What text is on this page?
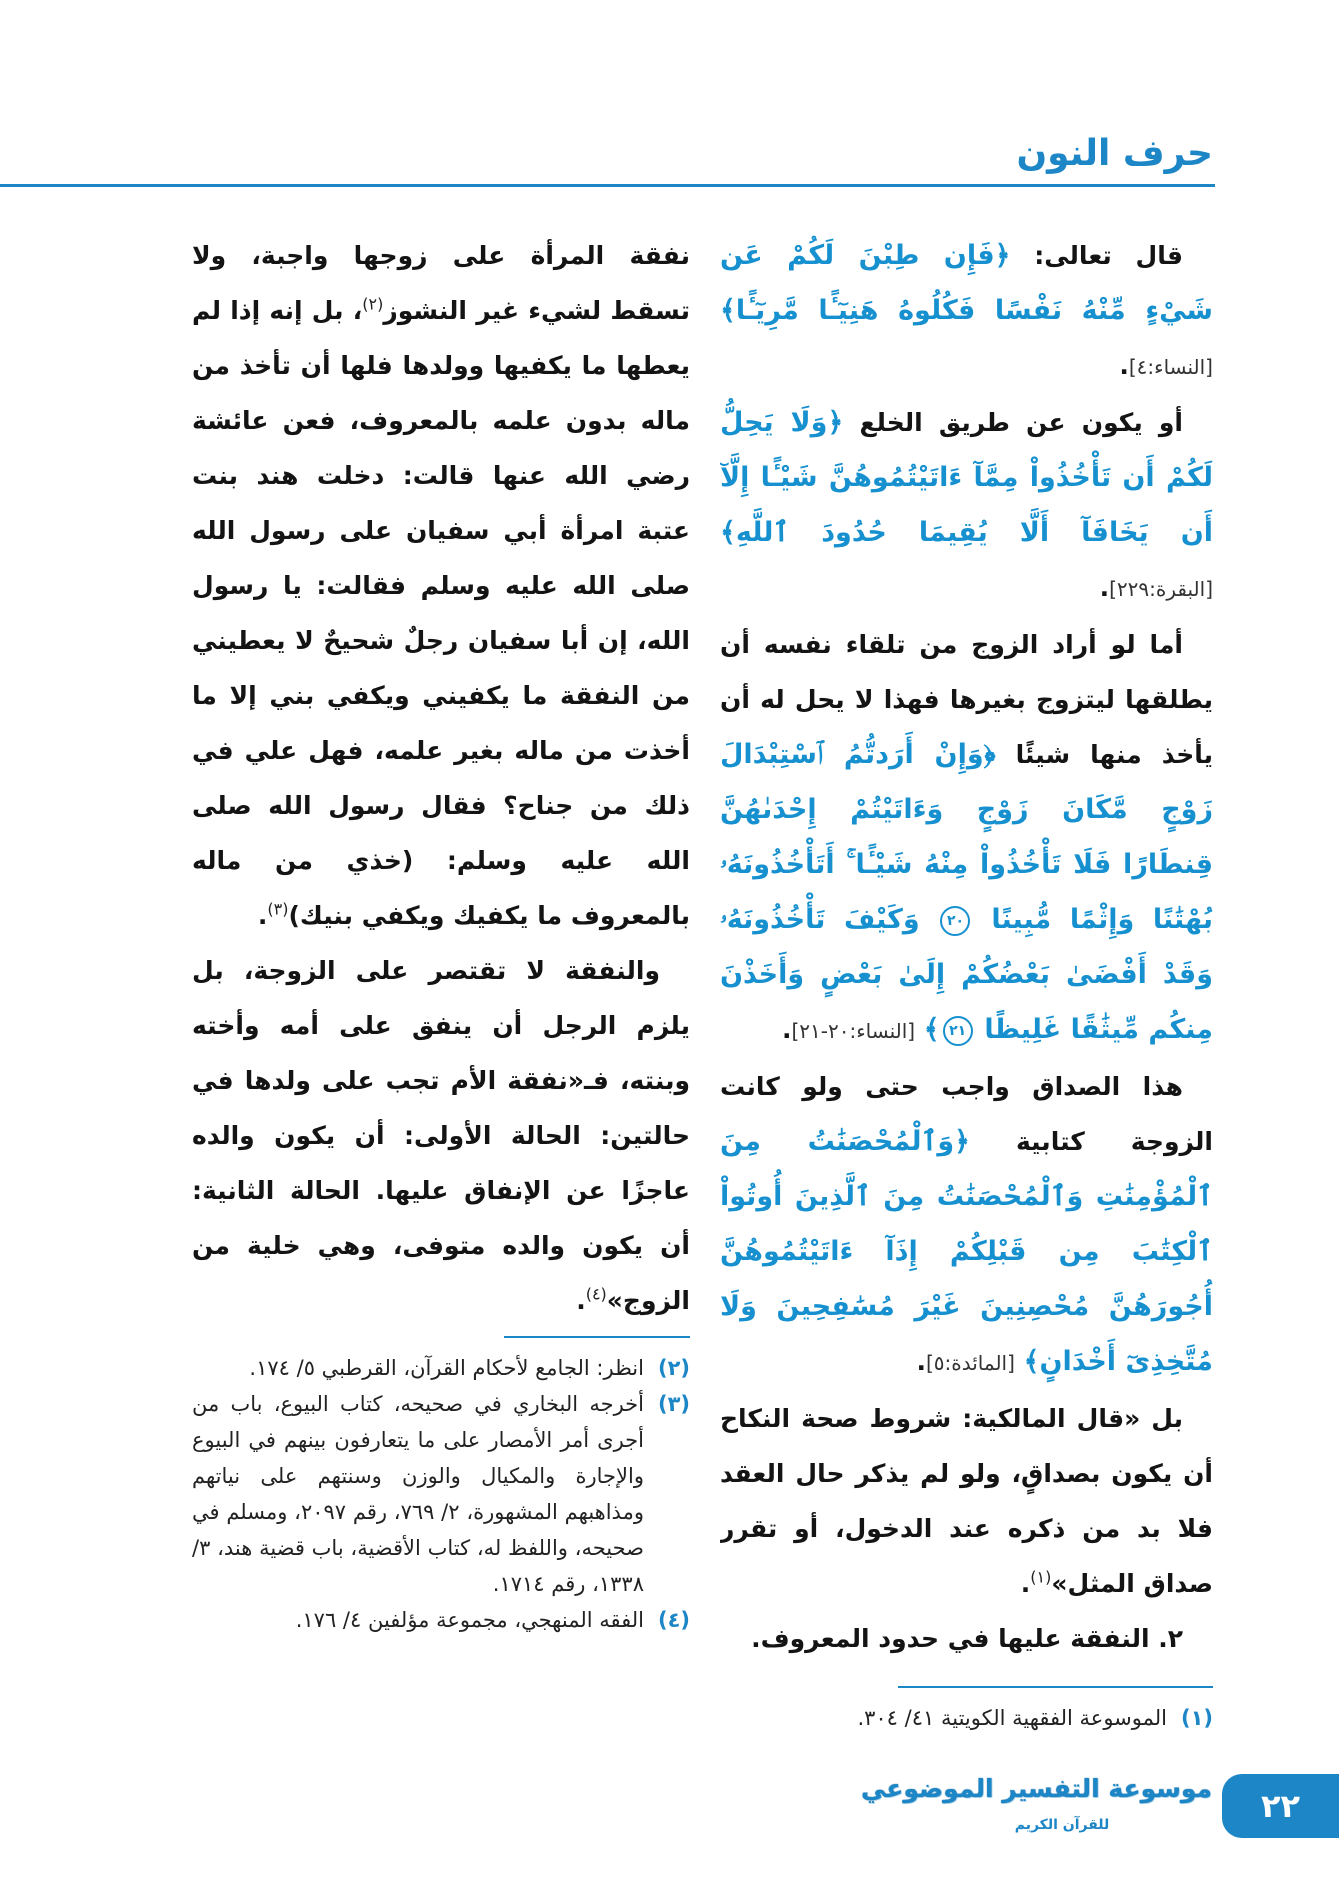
حرف النون

قال تعالى: ﴿فَإِن طِبْنَ لَكُمْ عَن شَيْءٍ مِّنْهُ نَفْسًا فَكُلُوهُ هَنِيٓـًٔا مَّرِيٓـًٔا﴾ [النساء:٤].

أو يكون عن طريق الخلع ﴿وَلَا يَحِلُّ لَكُمْ أَن تَأْخُذُواْ مِمَّآ ءَاتَيْتُمُوهُنَّ شَيْـًٔا إِلَّآ أَن يَخَافَآ أَلَّا يُقِيمَا حُدُودَ ٱللَّهِ﴾ [البقرة:٢٢٩].

أما لو أراد الزوج من تلقاء نفسه أن يطلقها ليتزوج بغيرها فهذا لا يحل له أن يأخذ منها شيئًا ﴿وَإِنْ أَرَدتُّمُ ٱسْتِبْدَالَ زَوْجٍ مَّكَانَ زَوْجٍ وَءَاتَيْتُمْ إِحْدَىٰهُنَّ قِنطَارًا فَلَا تَأْخُذُواْ مِنْهُ شَيْـًٔا ۚ أَتَأْخُذُونَهُۥ بُهْتَٰنًا وَإِثْمًا مُّبِينًا ٢٠ وَكَيْفَ تَأْخُذُونَهُۥ وَقَدْ أَفْضَىٰ بَعْضُكُمْ إِلَىٰ بَعْضٍ وَأَخَذْنَ مِنكُم مِّيثَٰقًا غَلِيظًا ٢١﴾ [النساء:٢٠-٢١].

هذا الصداق واجب حتى ولو كانت الزوجة كتابية ﴿وَٱلْمُحْصَنَٰتُ مِنَ ٱلْمُؤْمِنَٰتِ وَٱلْمُحْصَنَٰتُ مِنَ ٱلَّذِينَ أُوتُواْ ٱلْكِتَٰبَ مِن قَبْلِكُمْ إِذَآ ءَاتَيْتُمُوهُنَّ أُجُورَهُنَّ مُحْصِنِينَ غَيْرَ مُسَٰفِحِينَ وَلَا مُتَّخِذِىٓ أَخْدَانٍ﴾ [المائدة:٥].

بل «قال المالكية: شروط صحة النكاح أن يكون بصداقٍ، ولو لم يذكر حال العقد فلا بد من ذكره عند الدخول، أو تقرر صداق المثل»$^{(١)}$.

٢. النفقة عليها في حدود المعروف.

(١)
الموسوعة الفقهية الكويتية ٤١/ ٣٠٤.

نفقة المرأة على زوجها واجبة، ولا تسقط لشيء غير النشوز$^{(٢)}$، بل إنه إذا لم يعطها ما يكفيها وولدها فلها أن تأخذ من ماله بدون علمه بالمعروف، فعن عائشة رضي الله عنها قالت: دخلت هند بنت عتبة امرأة أبي سفيان على رسول الله صلى الله عليه وسلم فقالت: يا رسول الله، إن أبا سفيان رجلٌ شحيحٌ لا يعطيني من النفقة ما يكفيني ويكفي بني إلا ما أخذت من ماله بغير علمه، فهل علي في ذلك من جناح؟ فقال رسول الله صلى الله عليه وسلم: (خذي من ماله بالمعروف ما يكفيك ويكفي بنيك)$^{(٣)}$.

والنفقة لا تقتصر على الزوجة، بل يلزم الرجل أن ينفق على أمه وأخته وبنته، فـ«نفقة الأم تجب على ولدها في حالتين: الحالة الأولى: أن يكون والده عاجزًا عن الإنفاق عليها. الحالة الثانية: أن يكون والده متوفى، وهي خلية من الزوج»$^{(٤)}$.

(٢)
انظر: الجامع لأحكام القرآن، القرطبي ٥/ ١٧٤.
(٣)
أخرجه البخاري في صحيحه، كتاب البيوع، باب من أجرى أمر الأمصار على ما يتعارفون بينهم في البيوع والإجارة والمكيال والوزن وسنتهم على نياتهم ومذاهبهم المشهورة، ٢/ ٧٦٩، رقم ٢٠٩٧، ومسلم في صحيحه، واللفظ له، كتاب الأقضية، باب قضية هند، ٣/ ١٣٣٨، رقم ١٧١٤.
(٤)
الفقه المنهجي، مجموعة مؤلفين ٤/ ١٧٦.
موسوعة التفسير الموضوعي
للقرآن الكريم	٢٢
